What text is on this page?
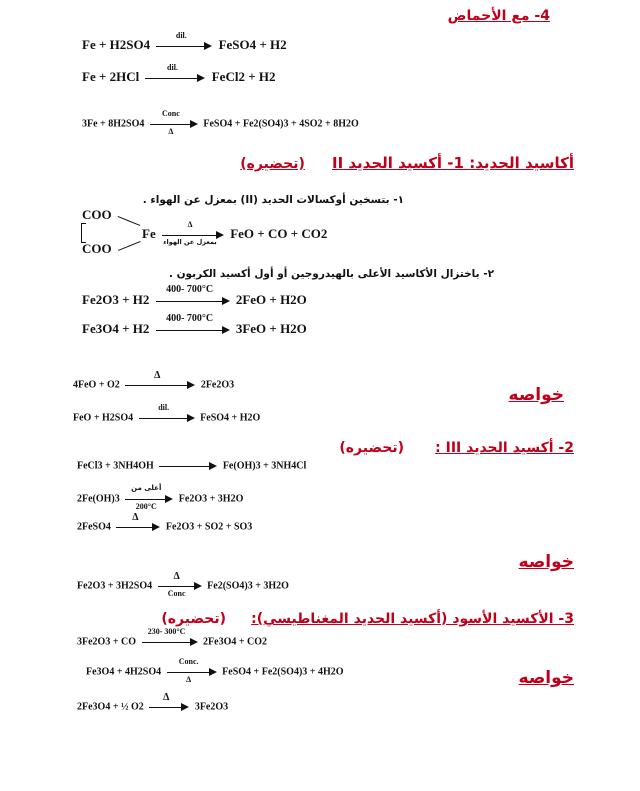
4- مع الأحماض
Fe + H2SO4
dil.
FeSO4 + H2
Fe + 2HCl
dil.
FeCl2 + H2
3Fe + 8H2SO4
Conc
Δ
FeSO4 + Fe2(SO4)3 + 4SO2 + 8H2O
أكاسيد الحديد: 1- أكسيد الحديد II (تحضيره)
١- بتسخين أوكسالات الحديد (II) بمعزل عن الهواء .
COO
COO
Fe
Δ
بمعزل عن الهواء
FeO + CO + CO2
٢- باختزال الأكاسيد الأعلى بالهيدروجين أو أول أكسيد الكربون .
Fe2O3 + H2
400- 700°C
2FeO + H2O
Fe3O4 + H2
400- 700°C
3FeO + H2O
4FeO + O2
Δ
2Fe2O3
خواصه
FeO + H2SO4
dil.
FeSO4 + H2O
2- أكسيد الحديد III : (تحضيره)
FeCl3 + 3NH4OH	Fe(OH)3 + 3NH4Cl
2Fe(OH)3
أعلى من
200°C
Fe2O3 + 3H2O
2FeSO4
Δ
Fe2O3 + SO2 + SO3
خواصه
Fe2O3 + 3H2SO4
Δ
Conc
Fe2(SO4)3 + 3H2O
3- الأكسيد الأسود (أكسيد الحديد المغناطيسي): (تحضيره)
3Fe2O3 + CO
230- 300°C
2Fe3O4 + CO2
Fe3O4 + 4H2SO4
Conc.
Δ
FeSO4 + Fe2(SO4)3 + 4H2O	خواصه
2Fe3O4 + ½ O2
Δ
3Fe2O3
